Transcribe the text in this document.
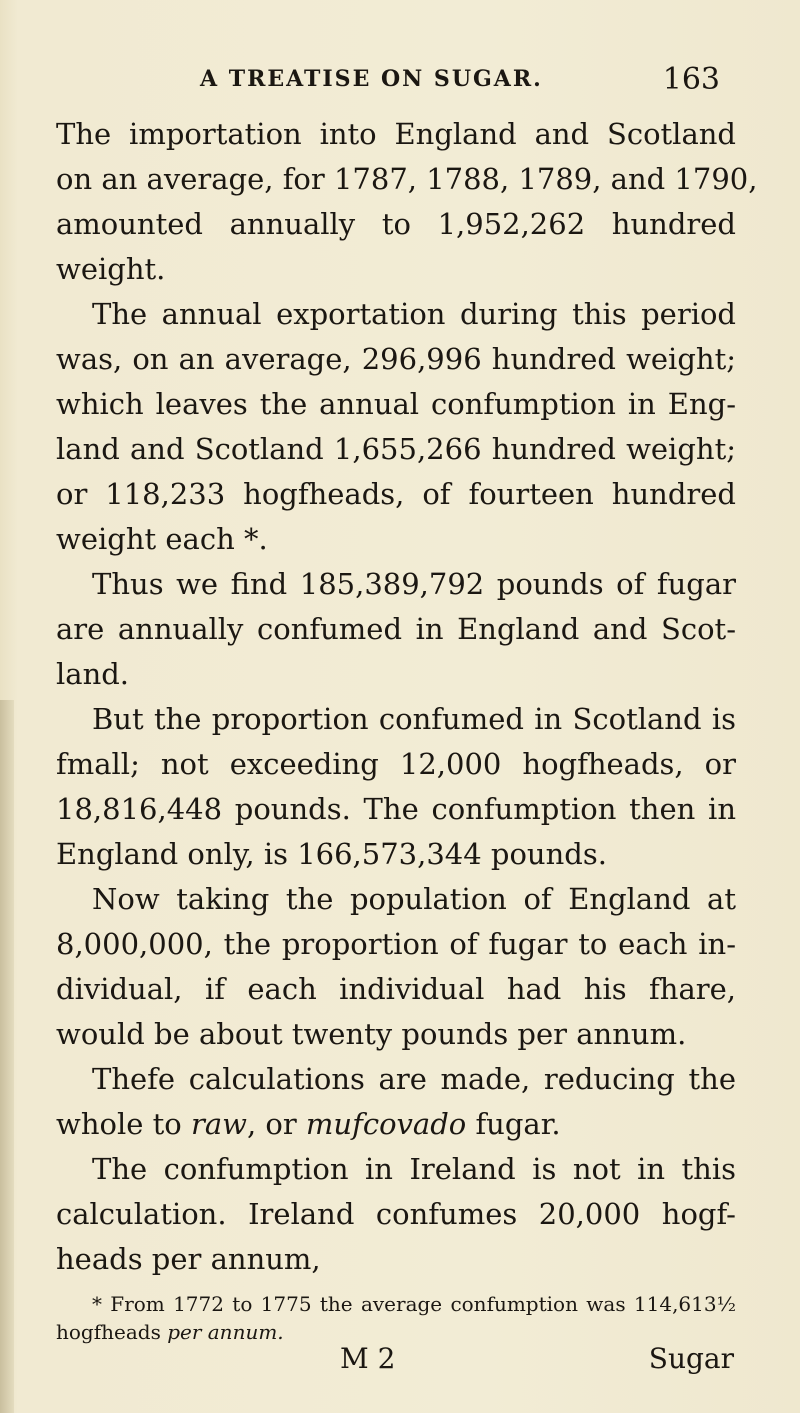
A TREATISE ON SUGAR.	163
The importation into England and Scotland
on an average, for 1787, 1788, 1789, and 1790,
amounted annually to 1,952,262 hundred
weight.
The annual exportation during this period
was, on an average, 296,996 hundred weight;
which leaves the annual confumption in Eng-
land and Scotland 1,655,266 hundred weight;
or 118,233 hogfheads, of fourteen hundred
weight each *.
Thus we find 185,389,792 pounds of fugar
are annually confumed in England and Scot-
land.
But the proportion confumed in Scotland is
fmall; not exceeding 12,000 hogfheads, or
18,816,448 pounds. The confumption then in
England only, is 166,573,344 pounds.
Now taking the population of England at
8,000,000, the proportion of fugar to each in-
dividual, if each individual had his fhare,
would be about twenty pounds per annum.
Thefe calculations are made, reducing the
whole to raw, or mufcovado fugar.
The confumption in Ireland is not in this
calculation. Ireland confumes 20,000 hogf-
heads per annum,
* From 1772 to 1775 the average confumption was 114,613½
hogfheads per annum.
M 2	Sugar
